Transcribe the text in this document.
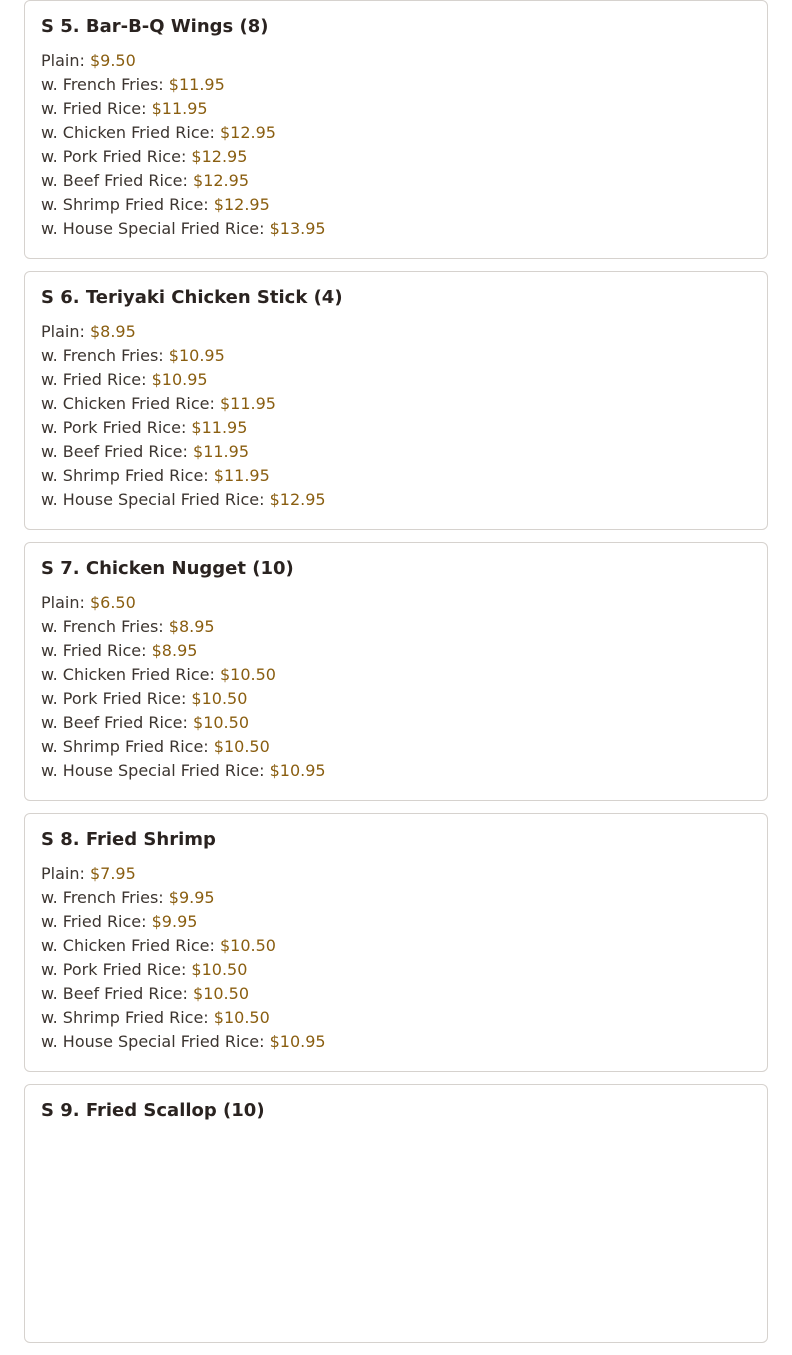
S 5. Bar-B-Q Wings (8)
Plain: $9.50
w. French Fries: $11.95
w. Fried Rice: $11.95
w. Chicken Fried Rice: $12.95
w. Pork Fried Rice: $12.95
w. Beef Fried Rice: $12.95
w. Shrimp Fried Rice: $12.95
w. House Special Fried Rice: $13.95
S 6. Teriyaki Chicken Stick (4)
Plain: $8.95
w. French Fries: $10.95
w. Fried Rice: $10.95
w. Chicken Fried Rice: $11.95
w. Pork Fried Rice: $11.95
w. Beef Fried Rice: $11.95
w. Shrimp Fried Rice: $11.95
w. House Special Fried Rice: $12.95
S 7. Chicken Nugget (10)
Plain: $6.50
w. French Fries: $8.95
w. Fried Rice: $8.95
w. Chicken Fried Rice: $10.50
w. Pork Fried Rice: $10.50
w. Beef Fried Rice: $10.50
w. Shrimp Fried Rice: $10.50
w. House Special Fried Rice: $10.95
S 8. Fried Shrimp
Plain: $7.95
w. French Fries: $9.95
w. Fried Rice: $9.95
w. Chicken Fried Rice: $10.50
w. Pork Fried Rice: $10.50
w. Beef Fried Rice: $10.50
w. Shrimp Fried Rice: $10.50
w. House Special Fried Rice: $10.95
S 9. Fried Scallop (10)
